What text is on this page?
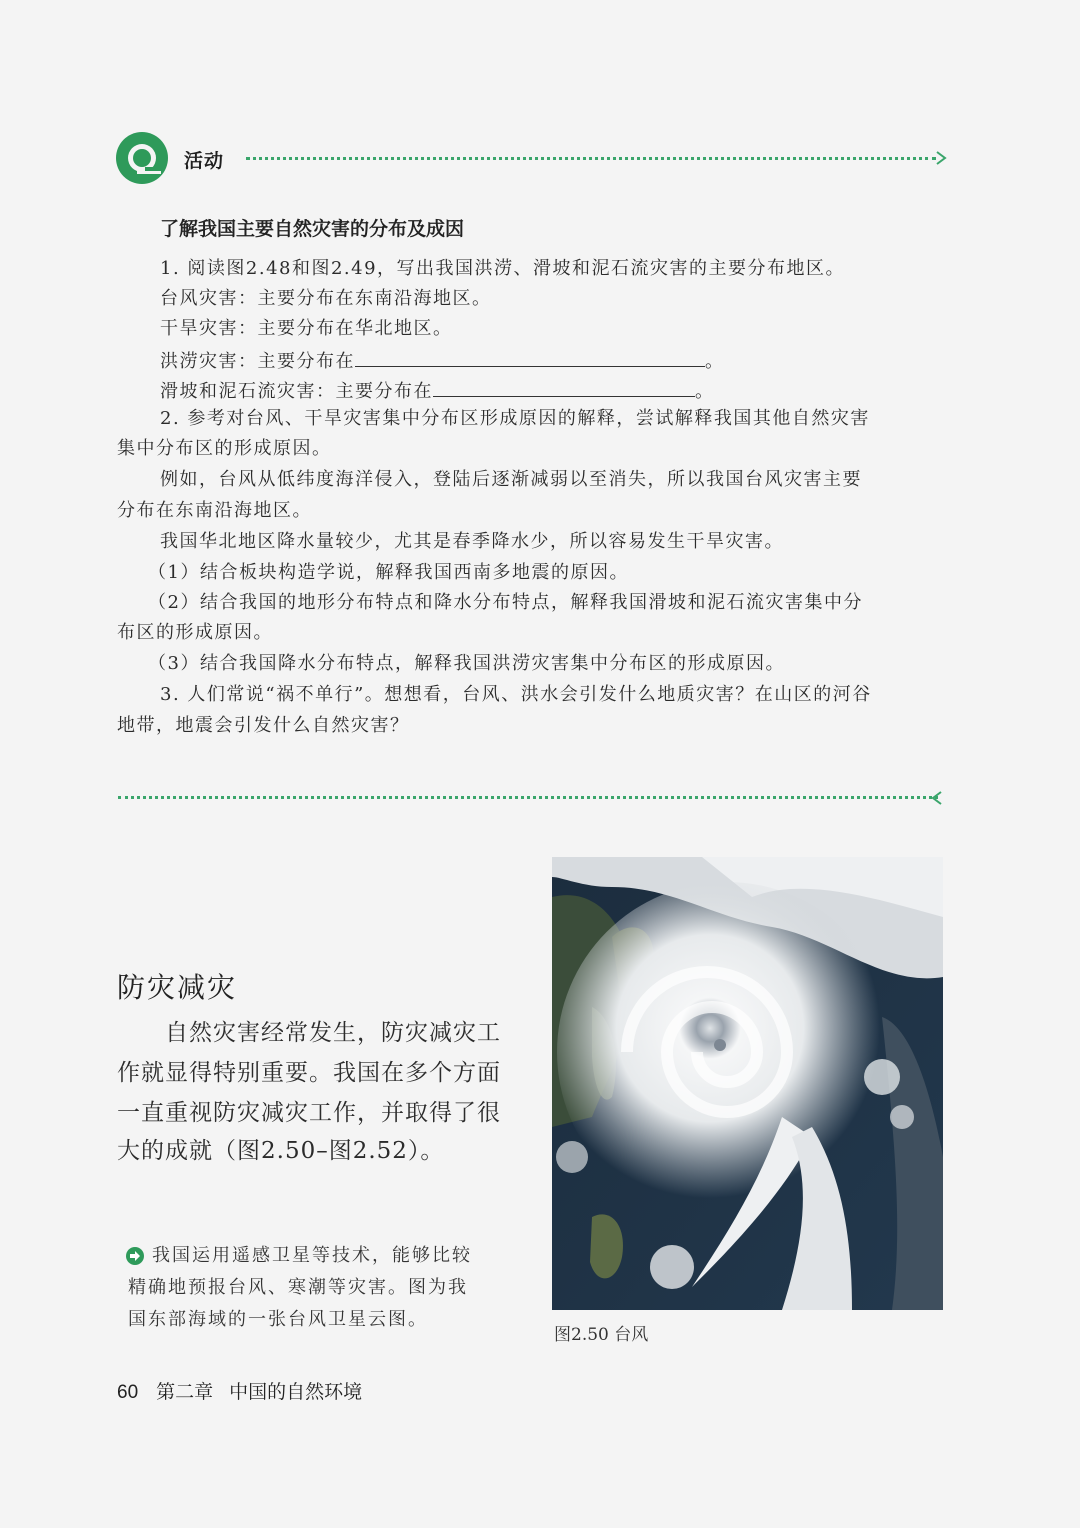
活动
了解我国主要自然灾害的分布及成因
1. 阅读图2.48和图2.49，写出我国洪涝、滑坡和泥石流灾害的主要分布地区。
台风灾害：主要分布在东南沿海地区。
干旱灾害：主要分布在华北地区。
洪涝灾害：主要分布在	。
滑坡和泥石流灾害：主要分布在	。
2. 参考对台风、干旱灾害集中分布区形成原因的解释，尝试解释我国其他自然灾害
集中分布区的形成原因。
例如，台风从低纬度海洋侵入，登陆后逐渐减弱以至消失，所以我国台风灾害主要
分布在东南沿海地区。
我国华北地区降水量较少，尤其是春季降水少，所以容易发生干旱灾害。
（1）结合板块构造学说，解释我国西南多地震的原因。
（2）结合我国的地形分布特点和降水分布特点，解释我国滑坡和泥石流灾害集中分
布区的形成原因。
（3）结合我国降水分布特点，解释我国洪涝灾害集中分布区的形成原因。
3. 人们常说“祸不单行”。想想看，台风、洪水会引发什么地质灾害？在山区的河谷
地带，地震会引发什么自然灾害？
防灾减灾
自然灾害经常发生，防灾减灾工
作就显得特别重要。我国在多个方面
一直重视防灾减灾工作，并取得了很
大的成就（图2.50–图2.52）。
我国运用遥感卫星等技术，能够比较
精确地预报台风、寒潮等灾害。图为我
国东部海域的一张台风卫星云图。
图2.50 台风
60 第二章 中国的自然环境
